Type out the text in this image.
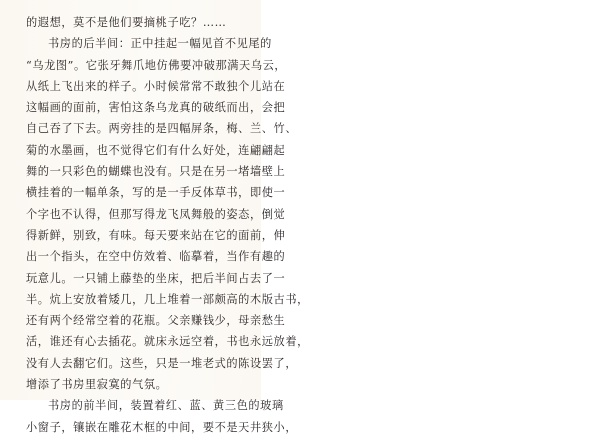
的遐想，莫不是他们要摘桃子吃？……
书房的后半间：正中挂起一幅见首不见尾的
“乌龙图”。它张牙舞爪地仿佛要冲破那满天乌云，
从纸上飞出来的样子。小时候常常不敢独个儿站在
这幅画的面前，害怕这条乌龙真的破纸而出，会把
自己吞了下去。两旁挂的是四幅屏条，梅、兰、竹、
菊的水墨画，也不觉得它们有什么好处，连翩翩起
舞的一只彩色的蝴蝶也没有。只是在另一堵墙壁上
横挂着的一幅单条，写的是一手反体草书，即使一
个字也不认得，但那写得龙飞凤舞般的姿态，倒觉
得新鲜，别致，有味。每天要来站在它的面前，伸
出一个指头，在空中仿效着、临摹着，当作有趣的
玩意儿。一只铺上藤垫的坐床，把后半间占去了一
半。炕上安放着矮几，几上堆着一部颇高的木版古书，
还有两个经常空着的花瓶。父亲赚钱少，母亲愁生
活，谁还有心去插花。就床永远空着，书也永远放着，
没有人去翻它们。这些，只是一堆老式的陈设罢了，
增添了书房里寂寞的气氛。
书房的前半间，装置着红、蓝、黄三色的玻璃
小窗子，镶嵌在雕花木框的中间，要不是天井狭小，
